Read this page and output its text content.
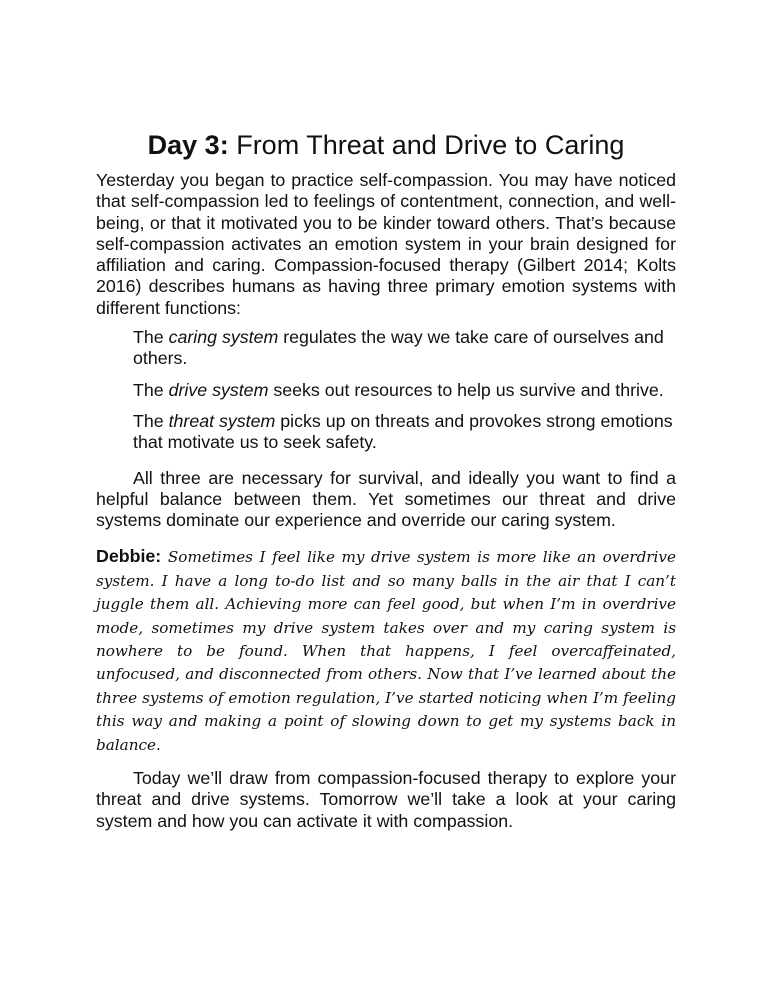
Day 3: From Threat and Drive to Caring

Yesterday you began to practice self-compassion. You may have noticed that self-compassion led to feelings of contentment, connection, and well-being, or that it motivated you to be kinder toward others. That’s because self-compassion activates an emotion system in your brain designed for affiliation and caring. Compassion-focused therapy (Gilbert 2014; Kolts 2016) describes humans as having three primary emotion systems with different functions:

The caring system regulates the way we take care of ourselves and others.

The drive system seeks out resources to help us survive and thrive.

The threat system picks up on threats and provokes strong emotions that motivate us to seek safety.

All three are necessary for survival, and ideally you want to find a helpful balance between them. Yet sometimes our threat and drive systems dominate our experience and override our caring system.

Debbie: Sometimes I feel like my drive system is more like an overdrive system. I have a long to-do list and so many balls in the air that I can’t juggle them all. Achieving more can feel good, but when I’m in overdrive mode, sometimes my drive system takes over and my caring system is nowhere to be found. When that happens, I feel overcaffeinated, unfocused, and disconnected from others. Now that I’ve learned about the three systems of emotion regulation, I’ve started noticing when I’m feeling this way and making a point of slowing down to get my systems back in balance.

Today we’ll draw from compassion-focused therapy to explore your threat and drive systems. Tomorrow we’ll take a look at your caring system and how you can activate it with compassion.
